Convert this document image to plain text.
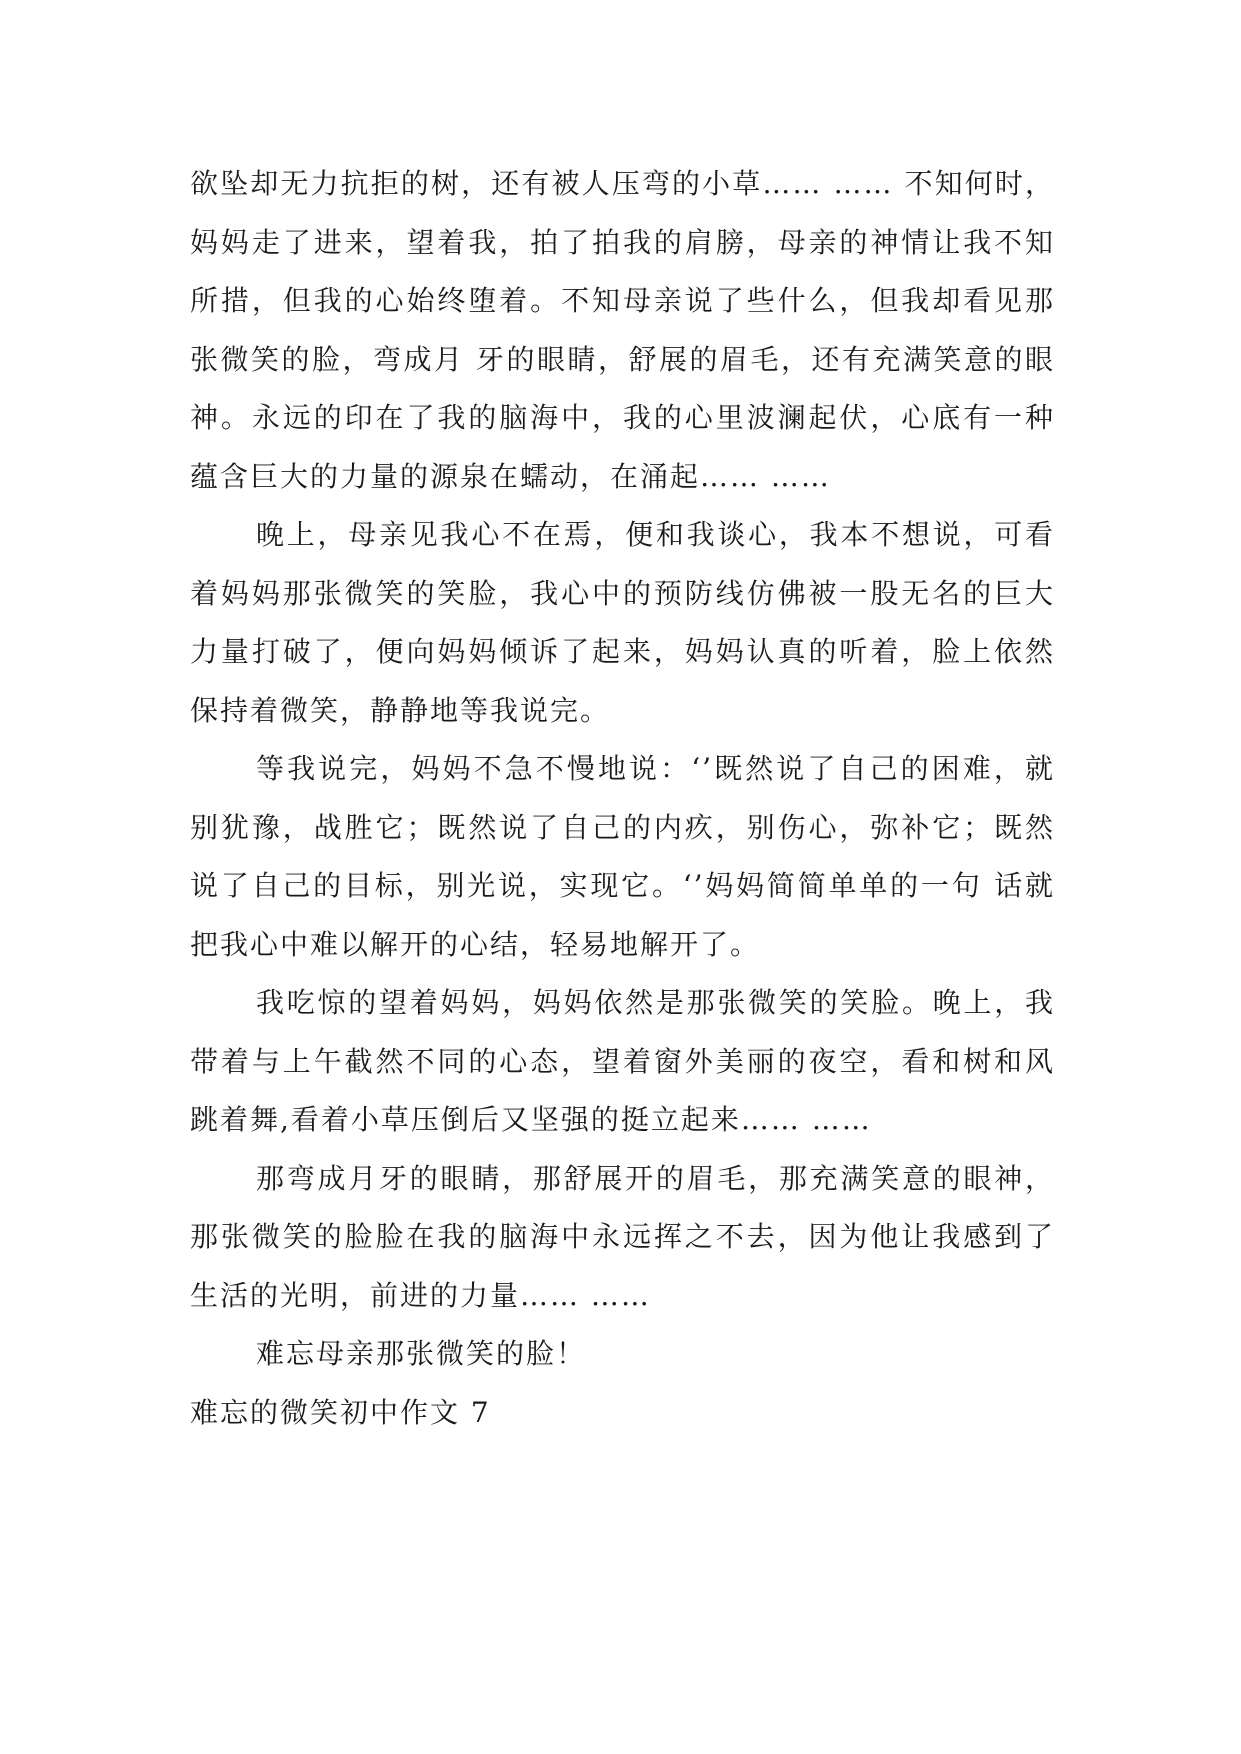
欲坠却无力抗拒的树，还有被人压弯的小草…… …… 不知何时，妈妈走了进来，望着我，拍了拍我的肩膀，母亲的神情让我不知所措，但我的心始终堕着。不知母亲说了些什么，但我却看见那张微笑的脸，弯成月 牙的眼睛，舒展的眉毛，还有充满笑意的眼神。永远的印在了我的脑海中，我的心里波澜起伏，心底有一种蕴含巨大的力量的源泉在蠕动，在涌起…… ……

晚上，母亲见我心不在焉，便和我谈心，我本不想说，可看着妈妈那张微笑的笑脸，我心中的预防线仿佛被一股无名的巨大力量打破了，便向妈妈倾诉了起来，妈妈认真的听着，脸上依然保持着微笑，静静地等我说完。

等我说完，妈妈不急不慢地说：‘’既然说了自己的困难，就别犹豫，战胜它；既然说了自己的内疚，别伤心，弥补它；既然说了自己的目标，别光说，实现它。‘’妈妈简简单单的一句 话就把我心中难以解开的心结，轻易地解开了。

我吃惊的望着妈妈，妈妈依然是那张微笑的笑脸。晚上，我带着与上午截然不同的心态，望着窗外美丽的夜空，看和树和风跳着舞,看着小草压倒后又坚强的挺立起来…… ……

那弯成月牙的眼睛，那舒展开的眉毛，那充满笑意的眼神，那张微笑的脸脸在我的脑海中永远挥之不去，因为他让我感到了生活的光明，前进的力量…… ……

难忘母亲那张微笑的脸！

难忘的微笑初中作文 7
